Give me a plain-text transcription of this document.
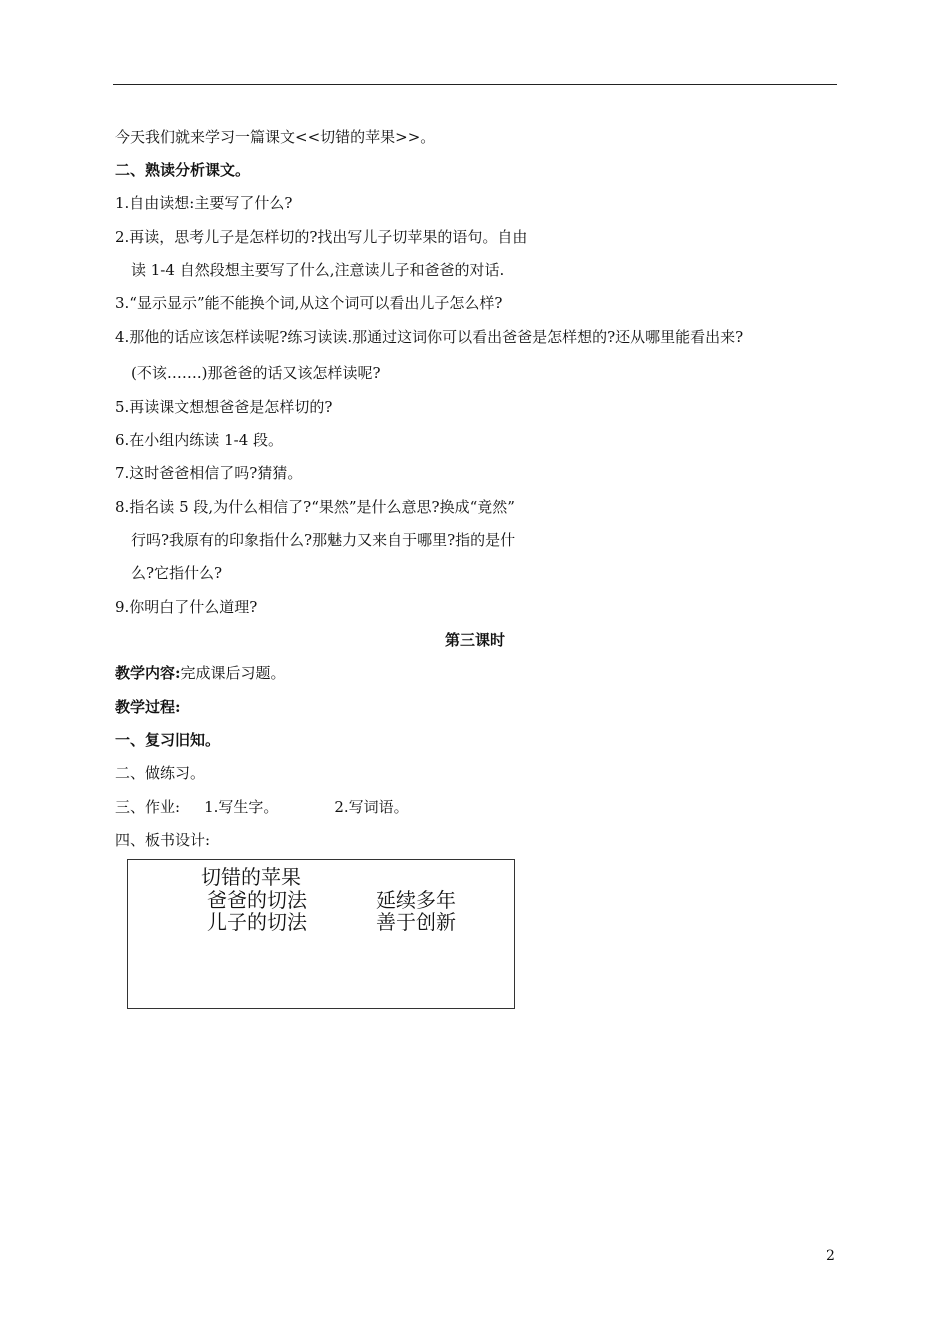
今天我们就来学习一篇课文<<切错的苹果>>。
二、熟读分析课文。
1.自由读想:主要写了什么?
2.再读，思考儿子是怎样切的?找出写儿子切苹果的语句。自由
读 1-4 自然段想主要写了什么,注意读儿子和爸爸的对话.
3.“显示显示”能不能换个词,从这个词可以看出儿子怎么样?
4.那他的话应该怎样读呢?练习读读.那通过这词你可以看出爸爸是怎样想的?还从哪里能看出来?
(不该…….)那爸爸的话又该怎样读呢?
5.再读课文想想爸爸是怎样切的?
6.在小组内练读 1-4 段。
7.这时爸爸相信了吗?猜猜。
8.指名读 5 段,为什么相信了?“果然”是什么意思?换成“竟然”
行吗?我原有的印象指什么?那魅力又来自于哪里?指的是什
么?它指什么?
9.你明白了什么道理?
第三课时
教学内容:完成课后习题。
教学过程:
一、复习旧知。
二、做练习。
三、作业: 1.写生字。	2.写词语。
四、板书设计:
切错的苹果
爸爸的切法	延续多年
儿子的切法	善于创新
2
